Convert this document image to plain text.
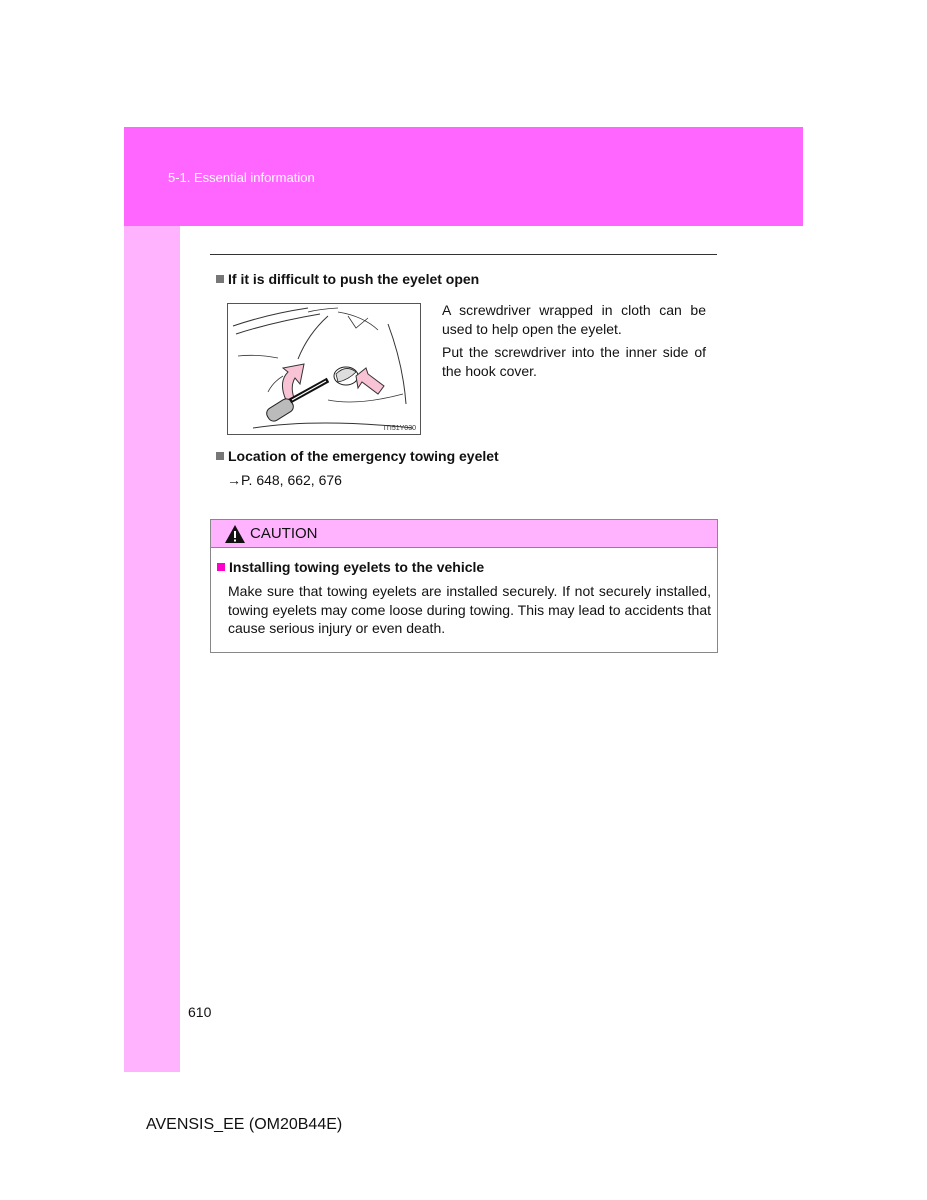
5-1. Essential information
If it is difficult to push the eyelet open
ITI51Y030

A screwdriver wrapped in cloth can be used to help open the eyelet.

Put the screwdriver into the inner side of the hook cover.

Location of the emergency towing eyelet
→P. 648, 662, 676
CAUTION
Installing towing eyelets to the vehicle

Make sure that towing eyelets are installed securely. If not securely installed, towing eyelets may come loose during towing. This may lead to accidents that cause serious injury or even death.

610
AVENSIS_EE (OM20B44E)
